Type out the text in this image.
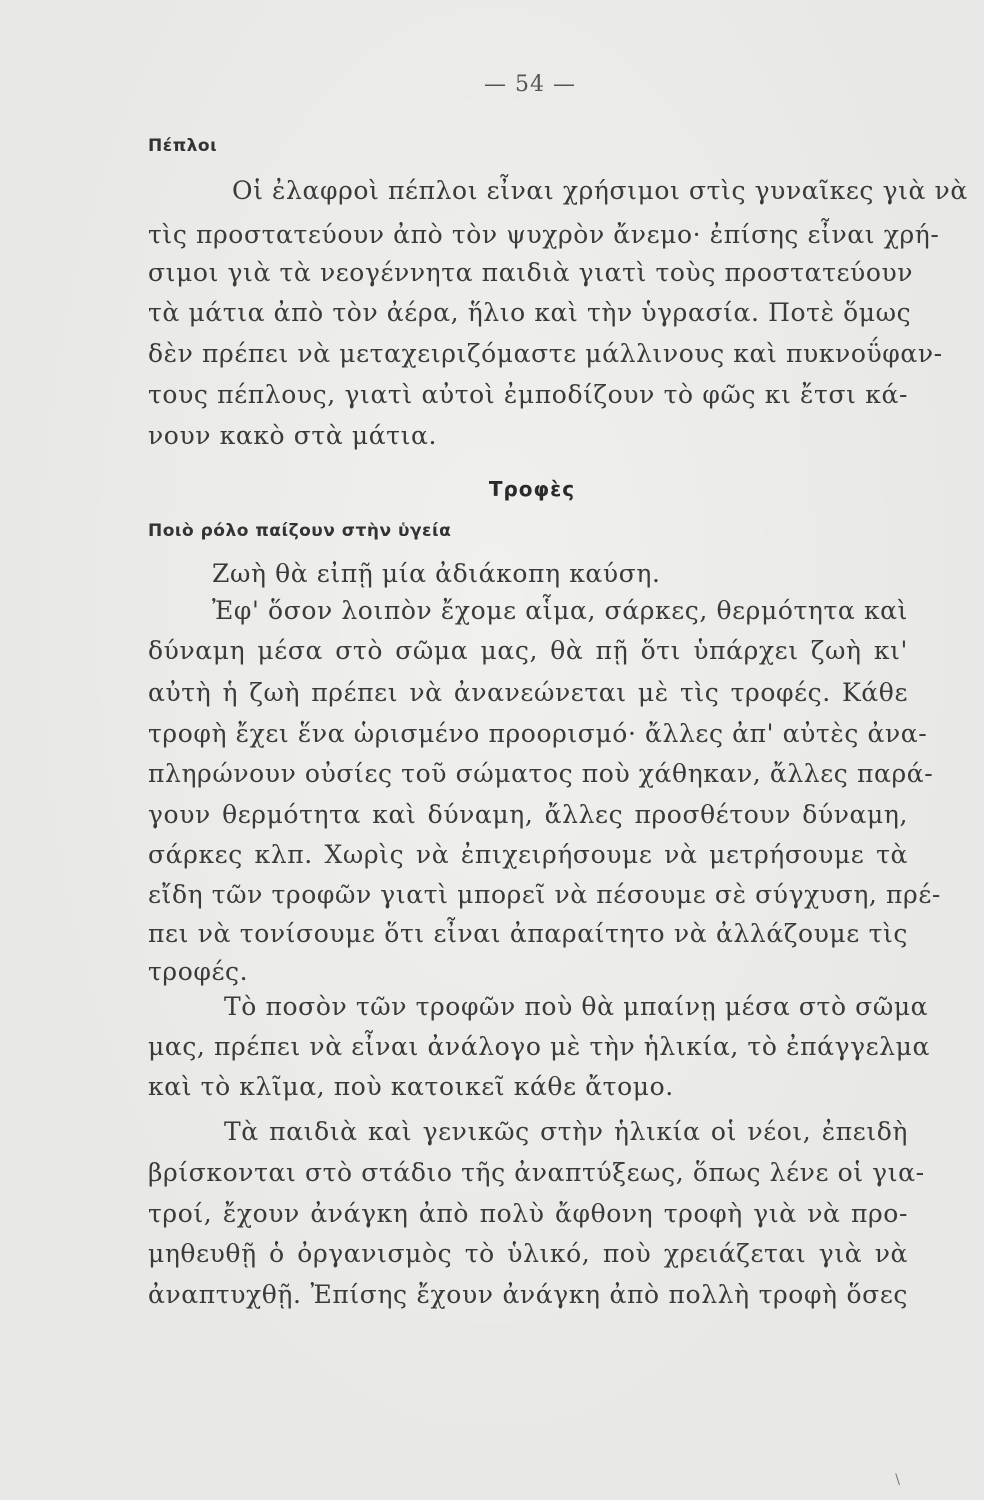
— 54 —
Πέπλοι
Οἱ ἐλαφροὶ πέπλοι εἶναι χρήσιμοι στὶς γυναῖκες γιὰ νὰ
τὶς προστατεύουν ἀπὸ τὸν ψυχρὸν ἄνεμο· ἐπίσης εἶναι χρή-
σιμοι γιὰ τὰ νεογέννητα παιδιὰ γιατὶ τοὺς προστατεύουν
τὰ μάτια ἀπὸ τὸν ἀέρα, ἥλιο καὶ τὴν ὑγρασία. Ποτὲ ὅμως
δὲν πρέπει νὰ μεταχειριζόμαστε μάλλινους καὶ πυκνοΰφαν-
τους πέπλους, γιατὶ αὐτοὶ ἐμποδίζουν τὸ φῶς κι ἔτσι κά-
νουν κακὸ στὰ μάτια.
Τροφὲς
Ποιὸ ρόλο παίζουν στὴν ὑγεία
Ζωὴ θὰ εἰπῇ μία ἀδιάκοπη καύση.
Ἐφ' ὅσον λοιπὸν ἔχομε αἷμα, σάρκες, θερμότητα καὶ
δύναμη μέσα στὸ σῶμα μας, θὰ πῇ ὅτι ὑπάρχει ζωὴ κι'
αὐτὴ ἡ ζωὴ πρέπει νὰ ἀνανεώνεται μὲ τὶς τροφές. Κάθε
τροφὴ ἔχει ἕνα ὡρισμένο προορισμό· ἄλλες ἀπ' αὐτὲς ἀνα-
πληρώνουν οὐσίες τοῦ σώματος ποὺ χάθηκαν, ἄλλες παρά-
γουν θερμότητα καὶ δύναμη, ἄλλες προσθέτουν δύναμη,
σάρκες κλπ. Χωρὶς νὰ ἐπιχειρήσουμε νὰ μετρήσουμε τὰ
εἴδη τῶν τροφῶν γιατὶ μπορεῖ νὰ πέσουμε σὲ σύγχυση, πρέ-
πει νὰ τονίσουμε ὅτι εἶναι ἀπαραίτητο νὰ ἀλλάζουμε τὶς
τροφές.
Τὸ ποσὸν τῶν τροφῶν ποὺ θὰ μπαίνῃ μέσα στὸ σῶμα
μας, πρέπει νὰ εἶναι ἀνάλογο μὲ τὴν ἡλικία, τὸ ἐπάγγελμα
καὶ τὸ κλῖμα, ποὺ κατοικεῖ κάθε ἄτομο.
Τὰ παιδιὰ καὶ γενικῶς στὴν ἡλικία οἱ νέοι, ἐπειδὴ
βρίσκονται στὸ στάδιο τῆς ἀναπτύξεως, ὅπως λένε οἱ για-
τροί, ἔχουν ἀνάγκη ἀπὸ πολὺ ἄφθονη τροφὴ γιὰ νὰ προ-
μηθευθῇ ὁ ὀργανισμὸς τὸ ὑλικό, ποὺ χρειάζεται γιὰ νὰ
ἀναπτυχθῇ. Ἐπίσης ἔχουν ἀνάγκη ἀπὸ πολλὴ τροφὴ ὅσες
\
